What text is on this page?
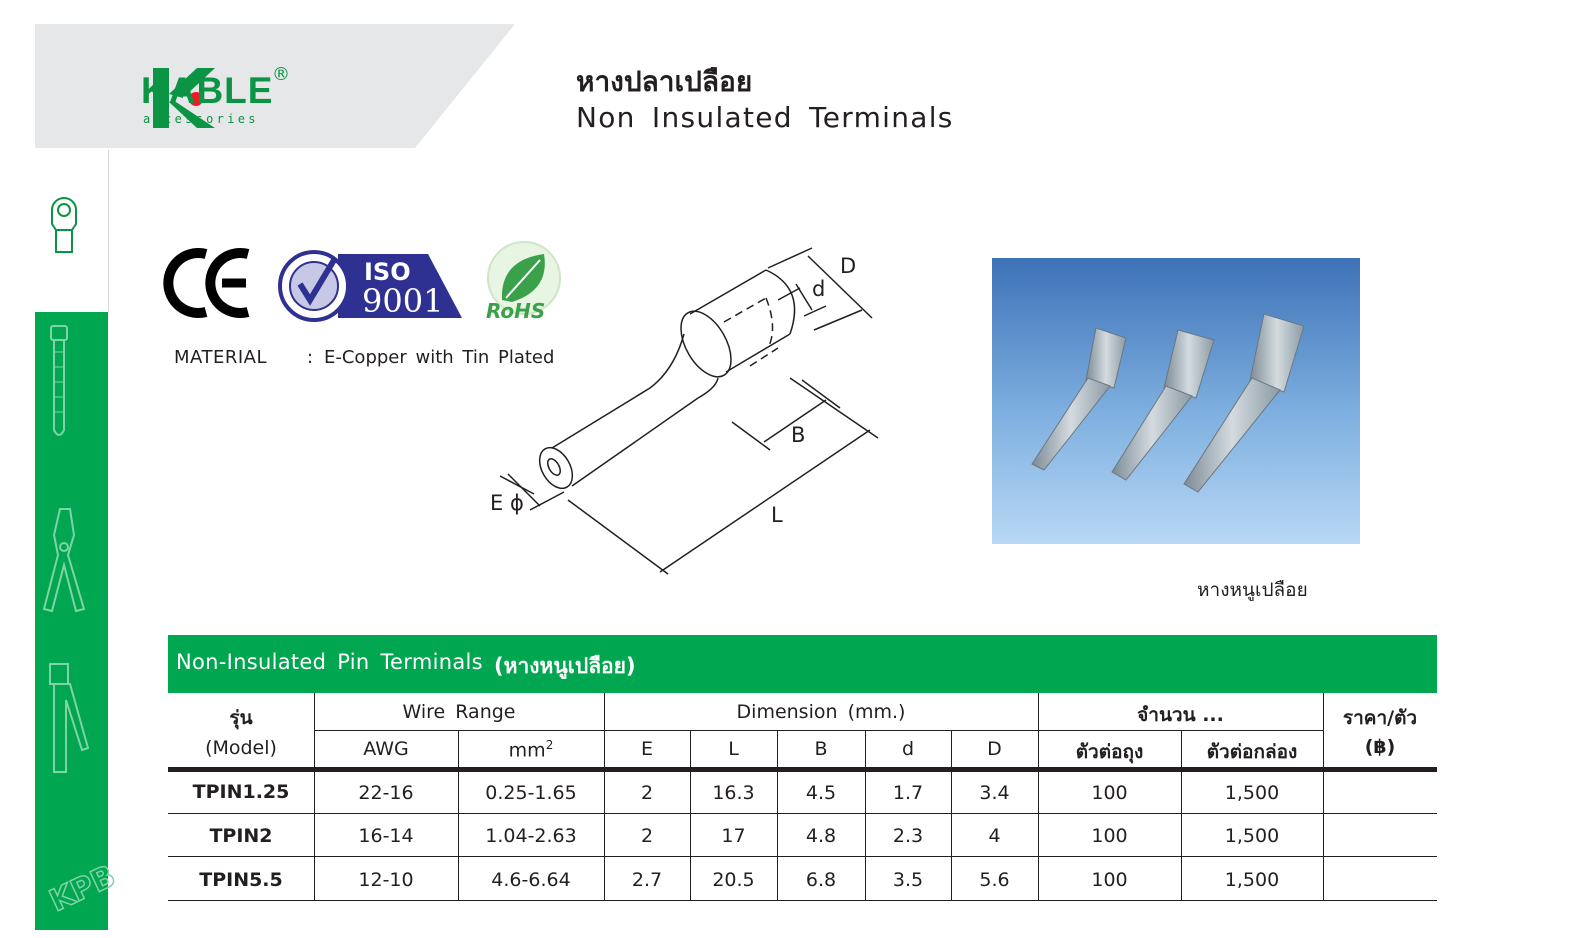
KABLE
®
accessories
หางปลาเปลือย
Non Insulated Terminals
KPB
ISO
9001 RoHS
MATERIAL : E-Copper with Tin Plated
D
d
B
L
E ϕ
หางหนูเปลือย
Non-Insulated Pin Terminals (หางหนูเปลือย)
รุ่น
(Model)
Wire Range
AWG	$mm^2$
Dimension (mm.)
E	L	B	d	D
จำนวน ...
ตัวต่อถุง	ตัวต่อกล่อง
ราคา/ตัว
(฿)
TPIN1.25	22-16	0.25-1.65	2	16.3	4.5	1.7	3.4	100	1,500
TPIN2	16-14	1.04-2.63	2	17	4.8	2.3	4	100	1,500
TPIN5.5	12-10	4.6-6.64	2.7	20.5	6.8	3.5	5.6	100	1,500
